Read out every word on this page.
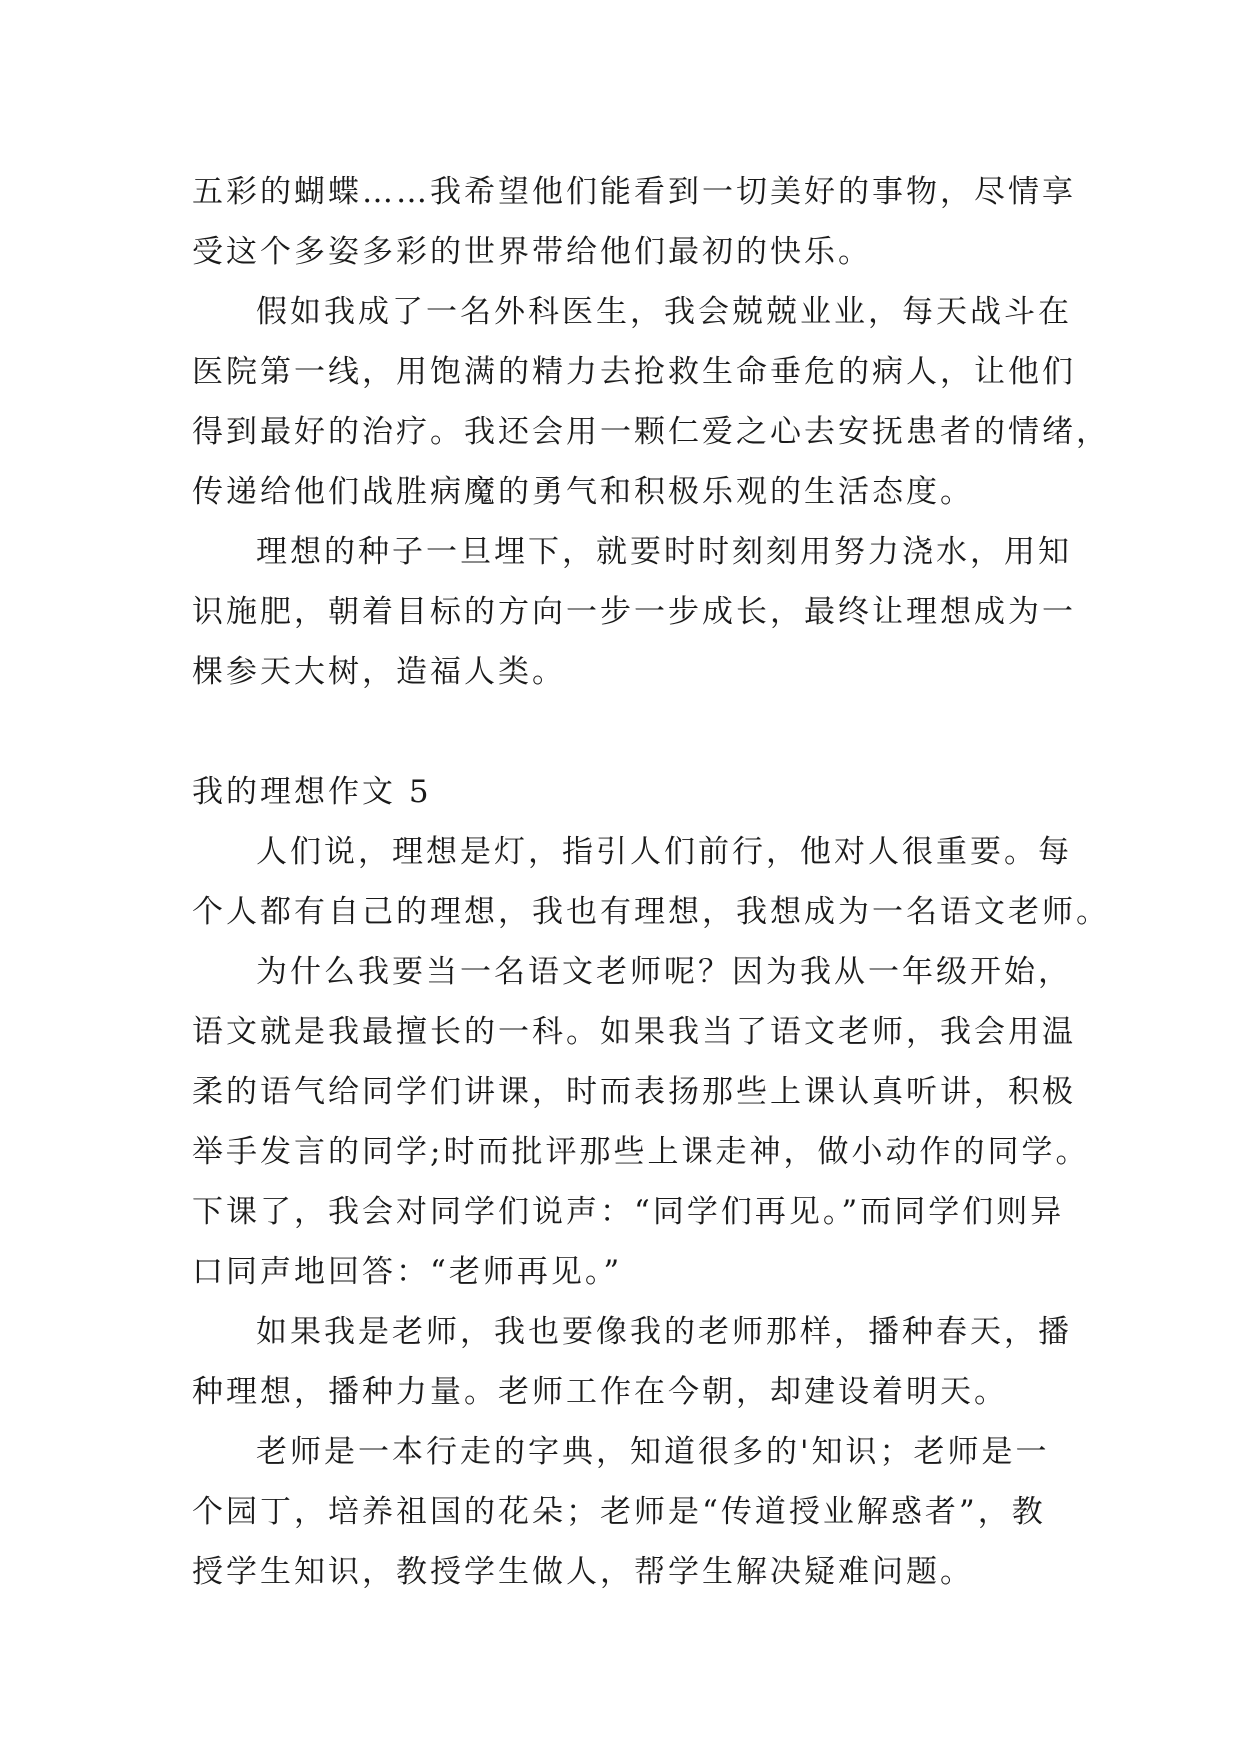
五彩的蝴蝶……我希望他们能看到一切美好的事物，尽情享
受这个多姿多彩的世界带给他们最初的快乐。
假如我成了一名外科医生，我会兢兢业业，每天战斗在
医院第一线，用饱满的精力去抢救生命垂危的病人，让他们
得到最好的治疗。我还会用一颗仁爱之心去安抚患者的情绪，
传递给他们战胜病魔的勇气和积极乐观的生活态度。
理想的种子一旦埋下，就要时时刻刻用努力浇水，用知
识施肥，朝着目标的方向一步一步成长，最终让理想成为一
棵参天大树，造福人类。
我的理想作文 5
人们说，理想是灯，指引人们前行，他对人很重要。每
个人都有自己的理想，我也有理想，我想成为一名语文老师。
为什么我要当一名语文老师呢？因为我从一年级开始，
语文就是我最擅长的一科。如果我当了语文老师，我会用温
柔的语气给同学们讲课，时而表扬那些上课认真听讲，积极
举手发言的同学;时而批评那些上课走神，做小动作的同学。
下课了，我会对同学们说声：“同学们再见。”而同学们则异
口同声地回答：“老师再见。”
如果我是老师，我也要像我的老师那样，播种春天，播
种理想，播种力量。老师工作在今朝，却建设着明天。
老师是一本行走的字典，知道很多的'知识；老师是一
个园丁，培养祖国的花朵；老师是“传道授业解惑者”，教
授学生知识，教授学生做人，帮学生解决疑难问题。
